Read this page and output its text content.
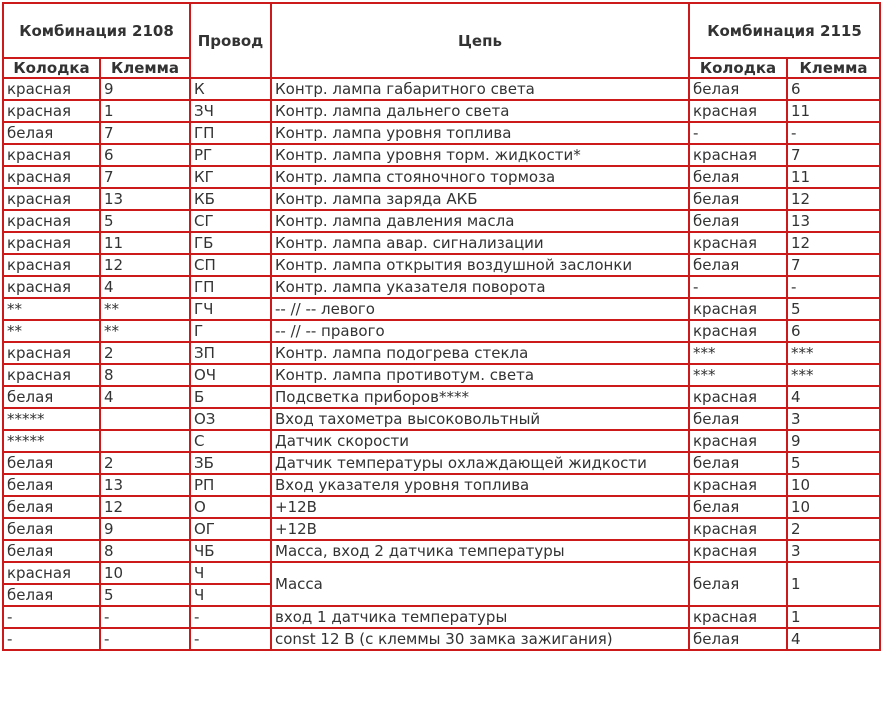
Комбинация 2108		Провод	Цепь	Комбинация 2115	
Колодка	Клемма			Колодка	Клемма
красная	9	К	Контр. лампа габаритного света	белая	6
красная	1	ЗЧ	Контр. лампа дальнего света	красная	11
белая	7	ГП	Контр. лампа уровня топлива	-	-
красная	6	РГ	Контр. лампа уровня торм. жидкости*	красная	7
красная	7	КГ	Контр. лампа стояночного тормоза	белая	11
красная	13	КБ	Контр. лампа заряда АКБ	белая	12
красная	5	СГ	Контр. лампа давления масла	белая	13
красная	11	ГБ	Контр. лампа авар. сигнализации	красная	12
красная	12	СП	Контр. лампа открытия воздушной заслонки	белая	7
красная	4	ГП	Контр. лампа указателя поворота	-	-
**	**	ГЧ	-- // -- левого	красная	5
**	**	Г	-- // -- правого	красная	6
красная	2	ЗП	Контр. лампа подогрева стекла	***	***
красная	8	ОЧ	Контр. лампа противотум. света	***	***
белая	4	Б	Подсветка приборов****	красная	4
*****		ОЗ	Вход тахометра высоковольтный	белая	3
*****		С	Датчик скорости	красная	9
белая	2	ЗБ	Датчик температуры охлаждающей жидкости	белая	5
белая	13	РП	Вход указателя уровня топлива	красная	10
белая	12	О	+12В	белая	10
белая	9	ОГ	+12В	красная	2
белая	8	ЧБ	Масса, вход 2 датчика температуры	красная	3
красная	10	Ч	Масса	белая	1
белая	5	Ч			
-	-	-	вход 1 датчика температуры	красная	1
-	-	-	const 12 В (с клеммы 30 замка зажигания)	белая	4
